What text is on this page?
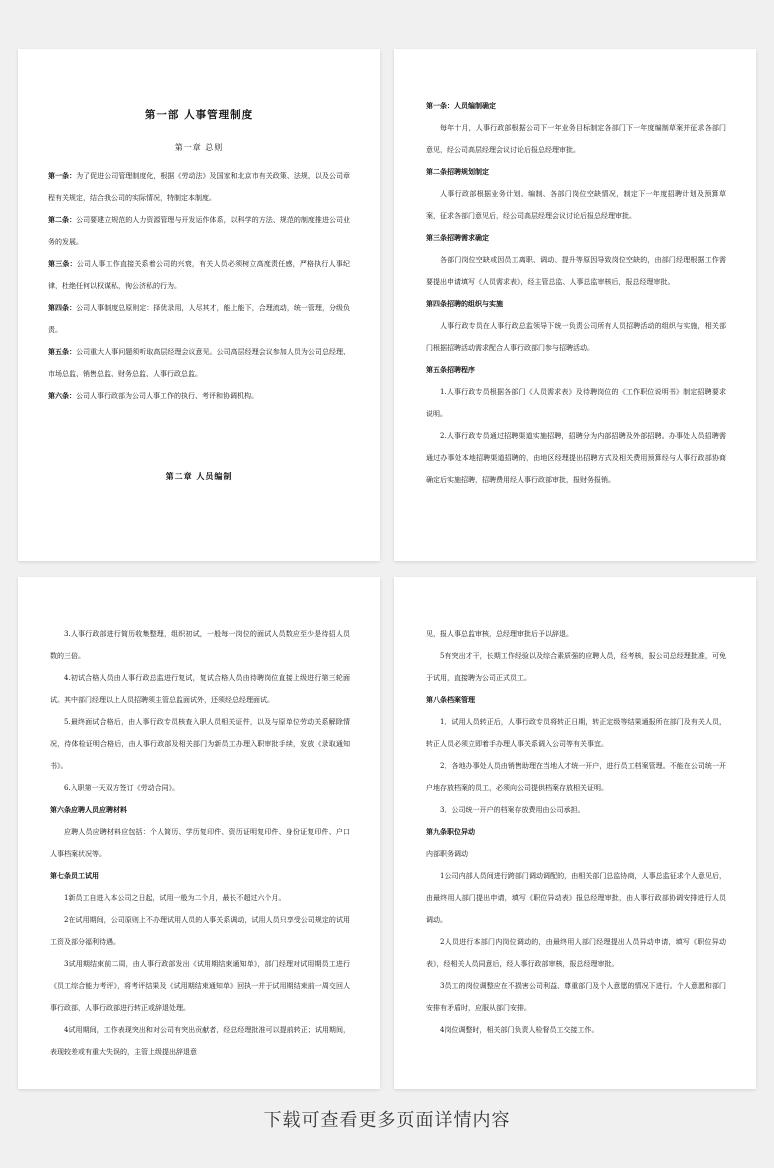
第一部 人事管理制度
第一章 总则

第一条：为了促进公司管理制度化，根据《劳动法》及国家和北京市有关政策、法规，以及公司章程有关规定，结合我公司的实际情况，特制定本制度。

第二条：公司要建立规范的人力资源管理与开发运作体系，以科学的方法、规范的制度推进公司业务的发展。

第三条：公司人事工作直接关系着公司的兴衰，有关人员必须树立高度责任感，严格执行人事纪律，杜绝任何以权谋私，徇公济私的行为。

第四条：公司人事制度总原则定：择优录用，人尽其才，能上能下，合理流动，统一管理，分级负责。

第五条：公司重大人事问题须听取高层经理会议意见。公司高层经理会议参加人员为公司总经理、市场总监、销售总监、财务总监、人事行政总监。

第六条：公司人事行政部为公司人事工作的执行、考评和协调机构。

第二章 人员编制
第一条：人员编制确定

每年十月，人事行政部根据公司下一年业务目标制定各部门下一年度编制草案并征求各部门意见，经公司高层经理会议讨论后报总经理审批。

第二条招聘规划制定

人事行政部根据业务计划、编制、各部门岗位空缺情况，制定下一年度招聘计划及预算草案，征求各部门意见后，经公司高层经理会议讨论后报总经理审批。

第三条招聘需求确定

各部门岗位空缺或因员工离职、调动、提升等原因导致岗位空缺的，由部门经理根据工作需要提出申请填写《人员需求表》，经主管总监、人事总监审核后，报总经理审批。

第四条招聘的组织与实施

人事行政专员在人事行政总监领导下统一负责公司所有人员招聘活动的组织与实施，相关部门根据招聘活动需求配合人事行政部门参与招聘活动。

第五条招聘程序

1.人事行政专员根据各部门《人员需求表》及待聘岗位的《工作职位说明书》制定招聘要求说明。

2.人事行政专员通过招聘渠道实施招聘，招聘分为内部招聘及外部招聘。办事处人员招聘需通过办事处本地招聘渠道招聘的，由地区经理提出招聘方式及相关费用预算经与人事行政部协商确定后实施招聘，招聘费用经人事行政部审批，报财务报销。

3.人事行政部进行简历收集整理，组织初试，一般每一岗位的面试人员数应至少是待招人员数的三倍。

4.初试合格人员由人事行政总监进行复试，复试合格人员由待聘岗位直接上级进行第三轮面试。其中部门经理以上人员招聘须主管总监面试外，还须经总经理面试。

5.最终面试合格后，由人事行政专员核查入职人员相关证件，以及与原单位劳动关系解除情况，待体检证明合格后，由人事行政部及相关部门为新员工办理入职审批手续，发放《录取通知书》。

6.入职第一天双方签订《劳动合同》。

第六条应聘人员应聘材料

应聘人员应聘材料应包括：个人简历、学历复印件、资历证明复印件、身份证复印件、户口人事档案状况等。

第七条员工试用

1新员工自进入本公司之日起，试用一般为二个月，最长不超过六个月。

2在试用期间，公司原则上不办理试用人员的人事关系调动，试用人员只享受公司规定的试用工资及部分福利待遇。

3试用期结束前二周，由人事行政部发出《试用期结束通知单》，部门经理对试用期员工进行《员工综合能力考评》，将考评结果及《试用期结束通知单》回执一并于试用期结束前一周交回人事行政部，人事行政部进行转正或辞退处理。

4试用期间，工作表现突出和对公司有突出贡献者，经总经理批准可以提前转正；试用期间，表现较差或有重大失误的，主管上级提出辞退意

见，报人事总监审核，总经理审批后予以辞退。

5有突出才干，长期工作经验以及综合素质强的应聘人员，经考核，报公司总经理批准，可免于试用，直接聘为公司正式员工。

第八条档案管理

1．试用人员转正后，人事行政专员将转正日期，转正定级等结果通报所在部门及有关人员，转正人员必须立即着手办理人事关系调入公司等有关事宜。

2．各地办事处人员由销售助理在当地人才统一开户，进行员工档案管理。不能在公司统一开户地存放档案的员工，必须向公司提供档案存放相关证明。

3．公司统一开户的档案存放费用由公司承担。

第九条职位异动
内部职务调动

1公司内部人员间进行跨部门调动调配的，由相关部门总监协商，人事总监征求个人意见后，由最终用人部门提出申请，填写《职位异动表》报总经理审批，由人事行政部协调安排进行人员调动。

2人员进行本部门内岗位调动的，由最终用人部门经理提出人员异动申请，填写《职位异动表》，经相关人员同意后，经人事行政部审核，报总经理审批。

3员工的岗位调整应在不损害公司利益、尊重部门及个人意愿的情况下进行。个人意愿和部门安排有矛盾时，应服从部门安排。

4岗位调整时，相关部门负责人检督员工交接工作。

下载可查看更多页面详情内容
